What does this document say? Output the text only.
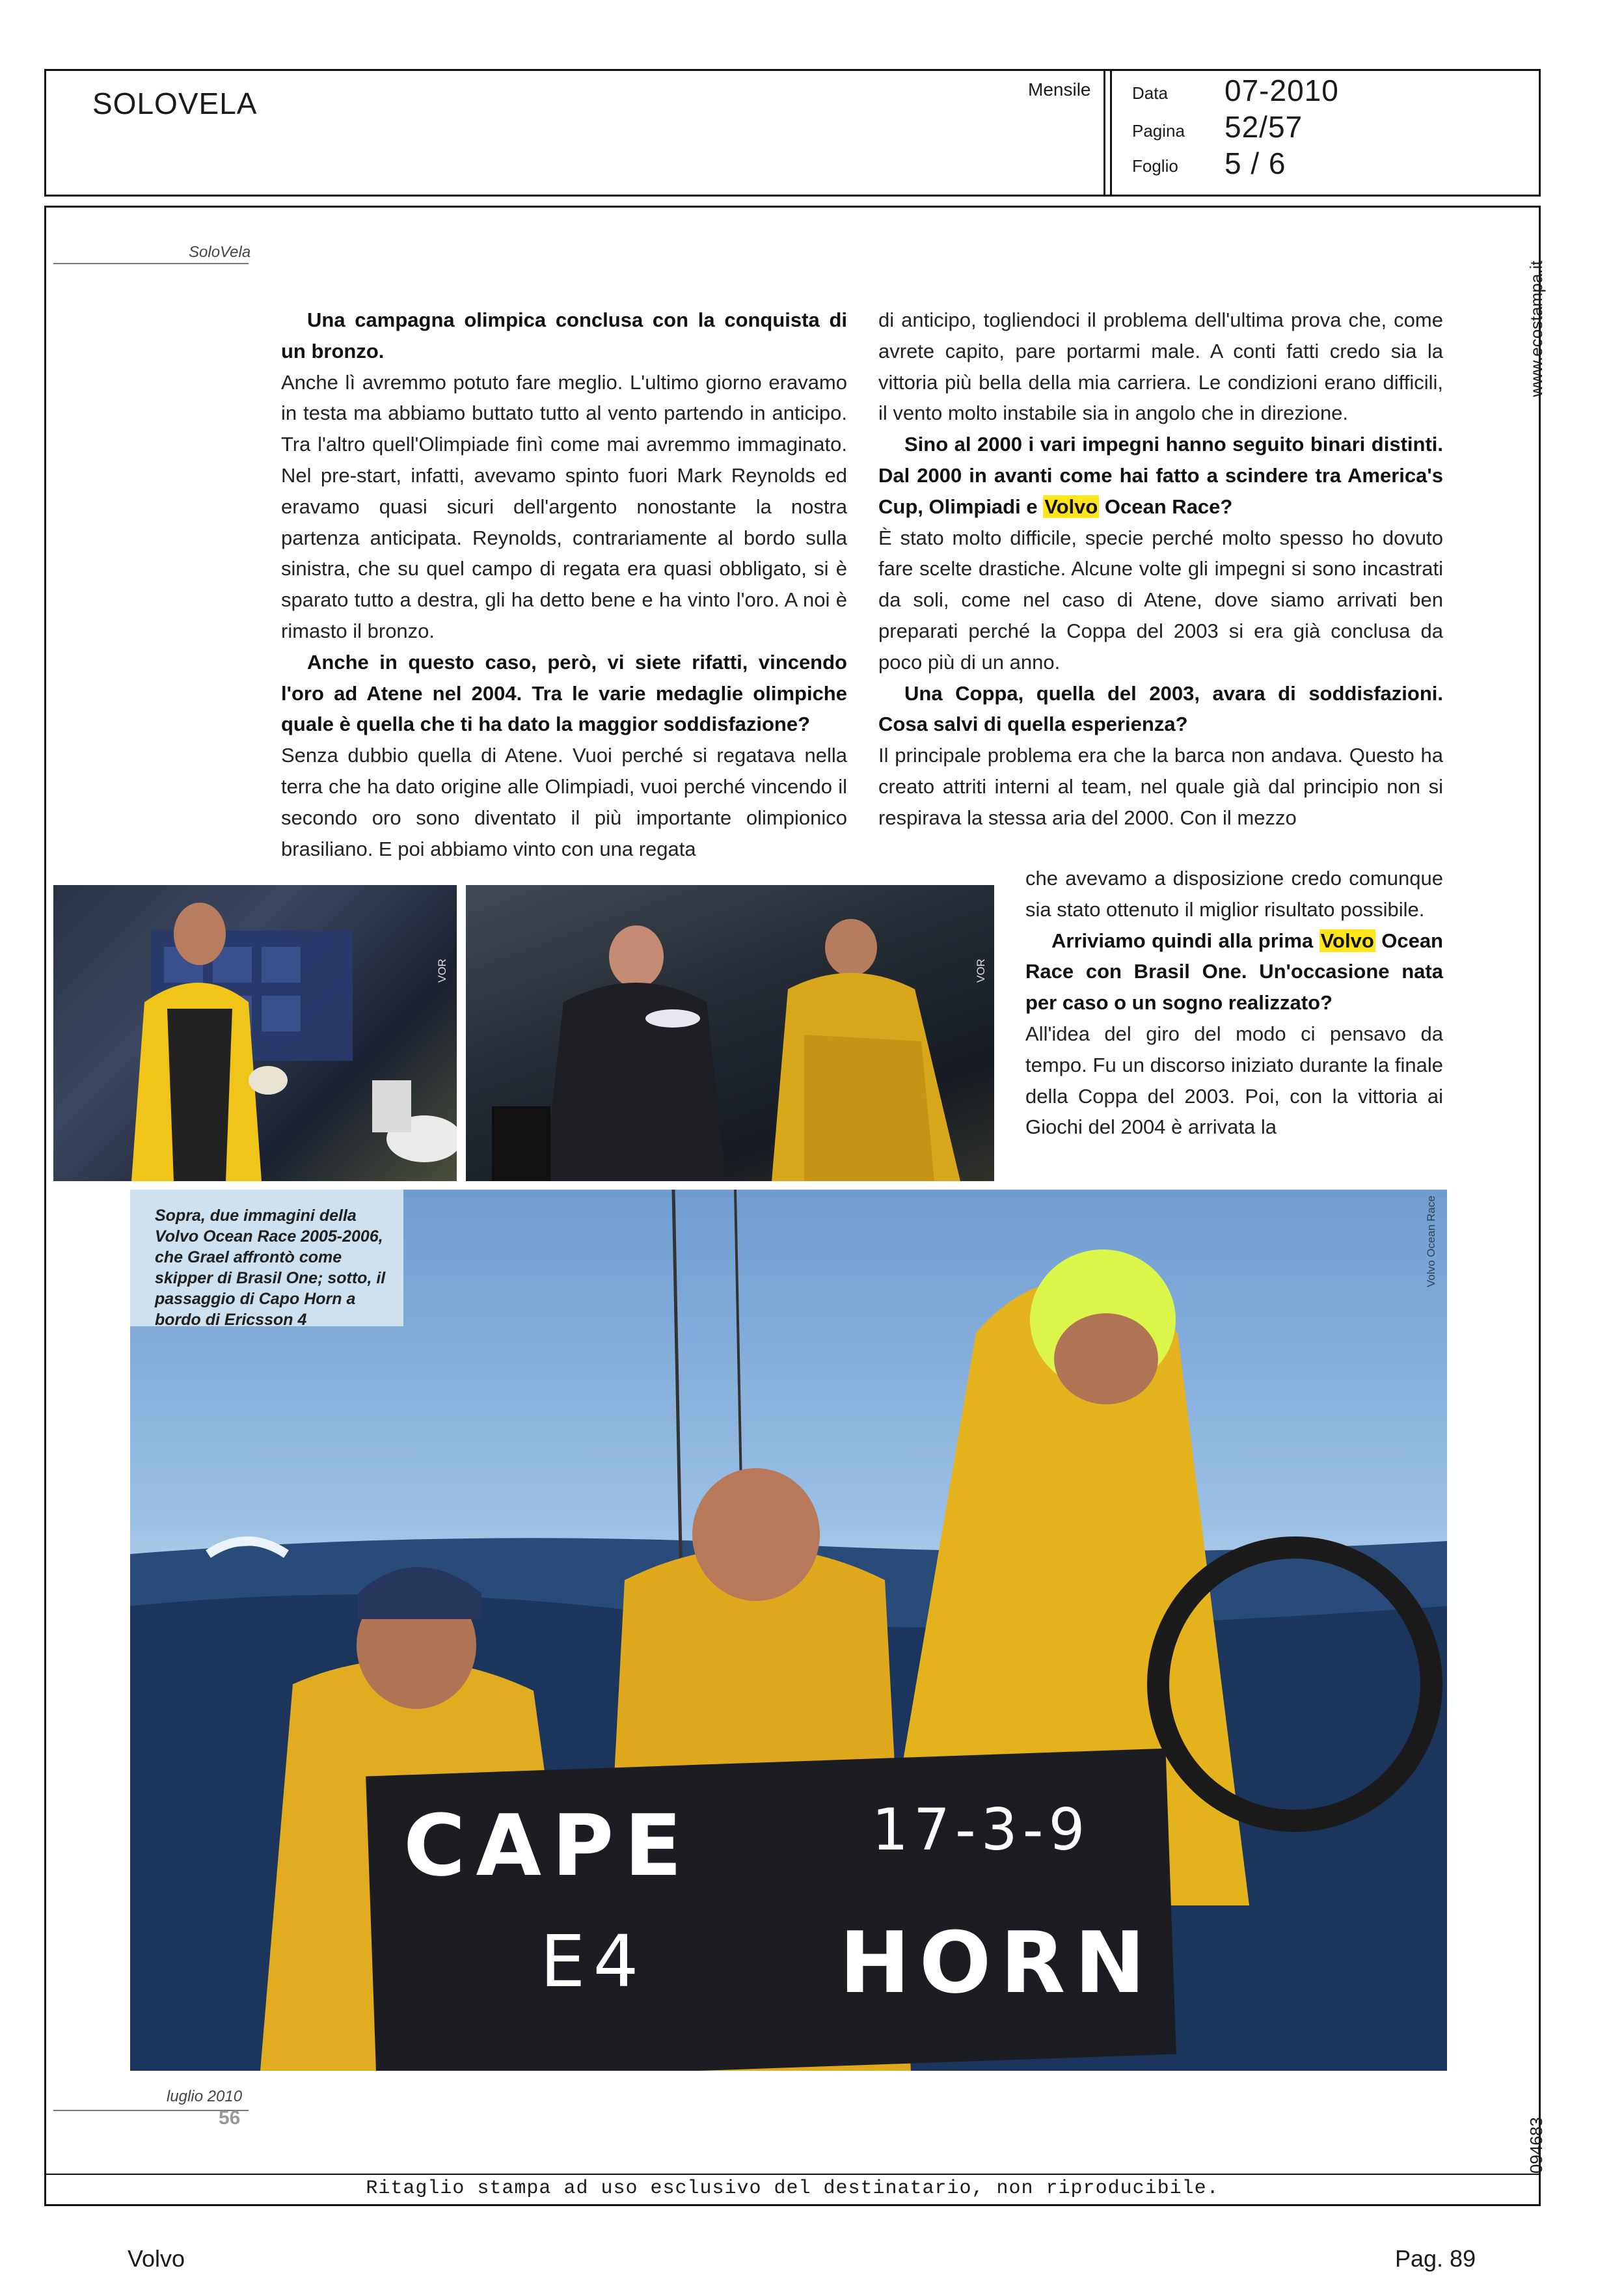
SOLOVELA	Mensile Data 07-2010
Pagina 52/57
Foglio 5 / 6
www.ecostampa.it
094683
SoloVela

Una campagna olimpica conclusa con la conquista di un bronzo.

Anche lì avremmo potuto fare meglio. L'ultimo giorno eravamo in testa ma abbiamo buttato tutto al vento partendo in anticipo. Tra l'altro quell'Olimpiade finì come mai avremmo immaginato. Nel pre-start, infatti, avevamo spinto fuori Mark Reynolds ed eravamo quasi sicuri dell'argento nonostante la nostra partenza anticipata. Reynolds, contrariamente al bordo sulla sinistra, che su quel campo di regata era quasi obbligato, si è sparato tutto a destra, gli ha detto bene e ha vinto l'oro. A noi è rimasto il bronzo.

Anche in questo caso, però, vi siete rifatti, vincendo l'oro ad Atene nel 2004. Tra le varie medaglie olimpiche quale è quella che ti ha dato la maggior soddisfazione?

Senza dubbio quella di Atene. Vuoi perché si regatava nella terra che ha dato origine alle Olimpiadi, vuoi perché vincendo il secondo oro sono diventato il più importante olimpionico brasiliano. E poi abbiamo vinto con una regata

di anticipo, togliendoci il problema dell'ultima prova che, come avrete capito, pare portarmi male. A conti fatti credo sia la vittoria più bella della mia carriera. Le condizioni erano difficili, il vento molto instabile sia in angolo che in direzione.

Sino al 2000 i vari impegni hanno seguito binari distinti. Dal 2000 in avanti come hai fatto a scindere tra America's Cup, Olimpiadi e Volvo Ocean Race?

È stato molto difficile, specie perché molto spesso ho dovuto fare scelte drastiche. Alcune volte gli impegni si sono incastrati da soli, come nel caso di Atene, dove siamo arrivati ben preparati perché la Coppa del 2003 si era già conclusa da poco più di un anno.

Una Coppa, quella del 2003, avara di soddisfazioni. Cosa salvi di quella esperienza?

Il principale problema era che la barca non andava. Questo ha creato attriti interni al team, nel quale già dal principio non si respirava la stessa aria del 2000. Con il mezzo

che avevamo a disposizione credo comunque sia stato ottenuto il miglior risultato possibile.

Arriviamo quindi alla prima Volvo Ocean Race con Brasil One. Un'occasione nata per caso o un sogno realizzato?

All'idea del giro del modo ci pensavo da tempo. Fu un discorso iniziato durante la finale della Coppa del 2003. Poi, con la vittoria ai Giochi del 2004 è arrivata la

VOR	VOR
Volvo Ocean Race
Sopra, due immagini della Volvo Ocean Race 2005-2006, che Grael affrontò come skipper di Brasil One; sotto, il passaggio di Capo Horn a bordo di Ericsson 4
CAPE	17-3-9
E4 HORN
luglio 2010
56
Ritaglio stampa ad uso esclusivo del destinatario, non riproducibile.
Volvo	Pag. 89
